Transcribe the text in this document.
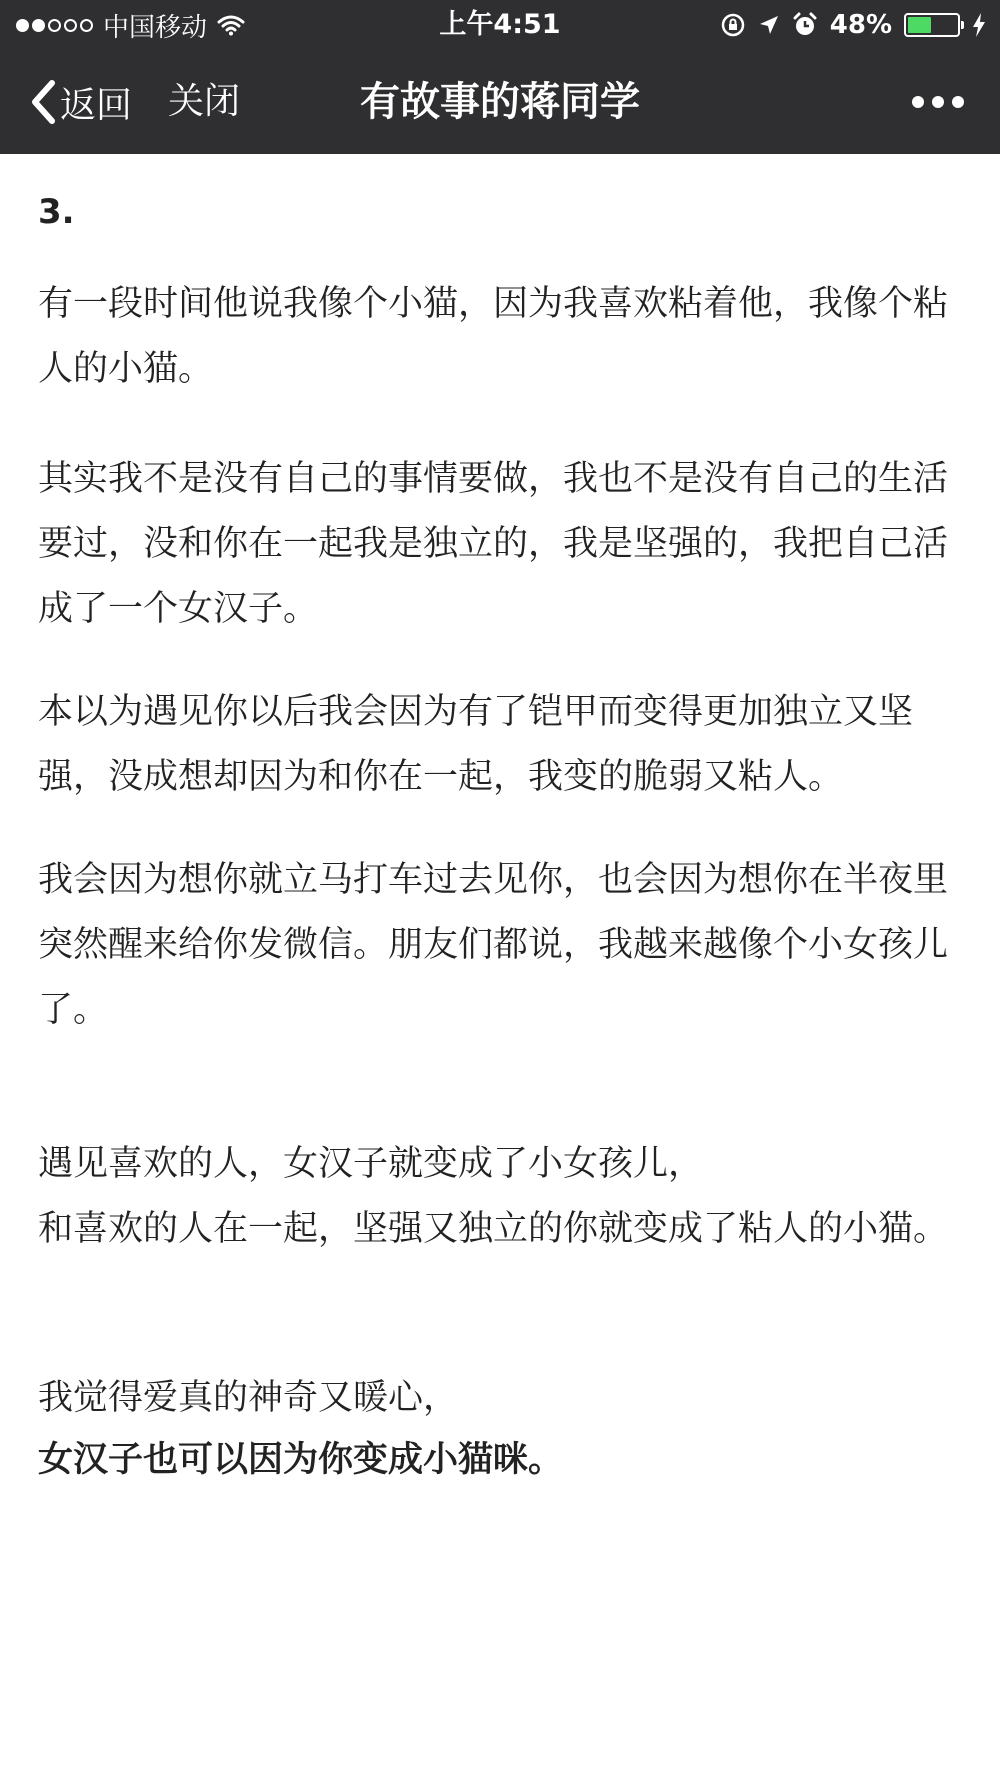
中国移动	上午4:51	48%
返回 关闭	有故事的蒋同学
3.

有一段时间他说我像个小猫，因为我喜欢粘着他，我像个粘人的小猫。

其实我不是没有自己的事情要做，我也不是没有自己的生活要过，没和你在一起我是独立的，我是坚强的，我把自己活成了一个女汉子。

本以为遇见你以后我会因为有了铠甲而变得更加独立又坚强，没成想却因为和你在一起，我变的脆弱又粘人。

我会因为想你就立马打车过去见你，也会因为想你在半夜里突然醒来给你发微信。朋友们都说，我越来越像个小女孩儿了。

遇见喜欢的人，女汉子就变成了小女孩儿，
和喜欢的人在一起，坚强又独立的你就变成了粘人的小猫。

我觉得爱真的神奇又暖心，

女汉子也可以因为你变成小猫咪。
